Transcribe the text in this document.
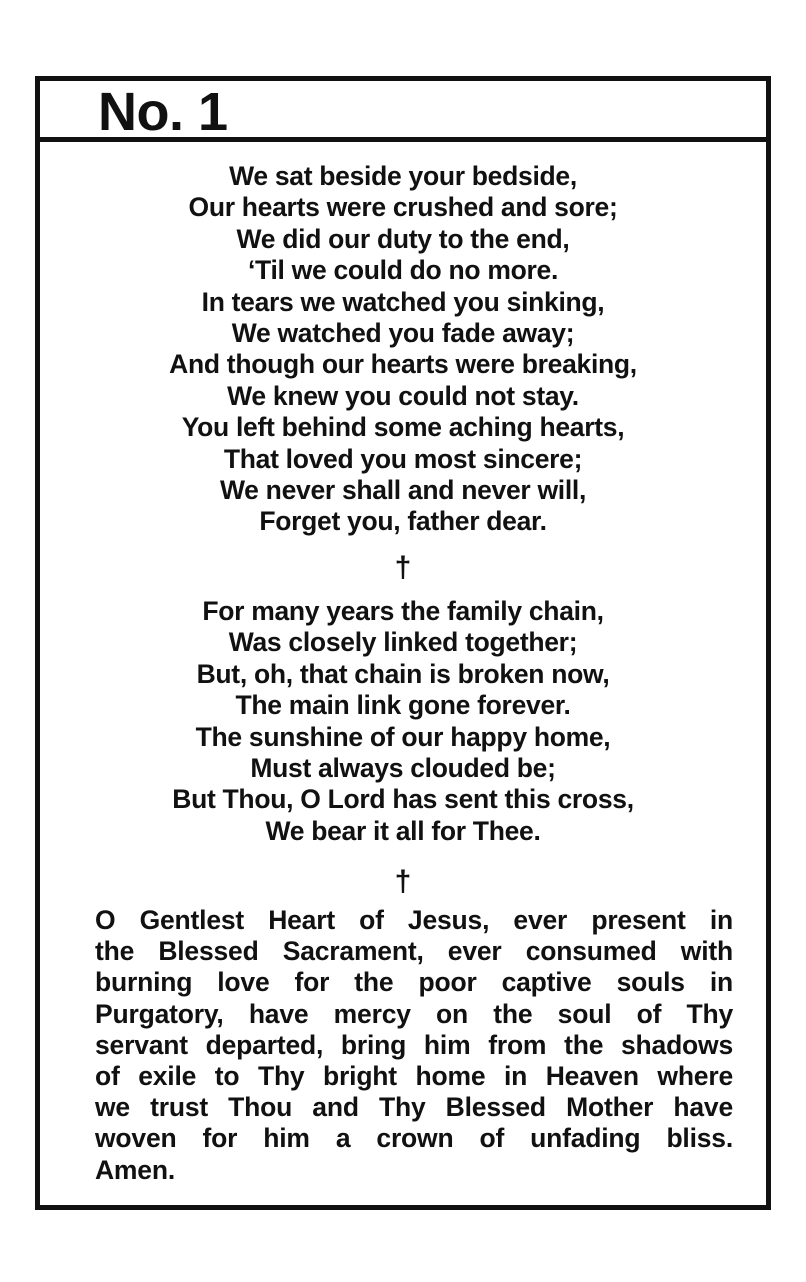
No. 1
We sat beside your bedside,
Our hearts were crushed and sore;
We did our duty to the end,
‘Til we could do no more.
In tears we watched you sinking,
We watched you fade away;
And though our hearts were breaking,
We knew you could not stay.
You left behind some aching hearts,
That loved you most sincere;
We never shall and never will,
Forget you, father dear.
†
For many years the family chain,
Was closely linked together;
But, oh, that chain is broken now,
The main link gone forever.
The sunshine of our happy home,
Must always clouded be;
But Thou, O Lord has sent this cross,
We bear it all for Thee.
†
O Gentlest Heart of Jesus, ever present in
the Blessed Sacrament, ever consumed with
burning love for the poor captive souls in
Purgatory, have mercy on the soul of Thy
servant departed, bring him from the shadows
of exile to Thy bright home in Heaven where
we trust Thou and Thy Blessed Mother have
woven for him a crown of unfading bliss.
Amen.
